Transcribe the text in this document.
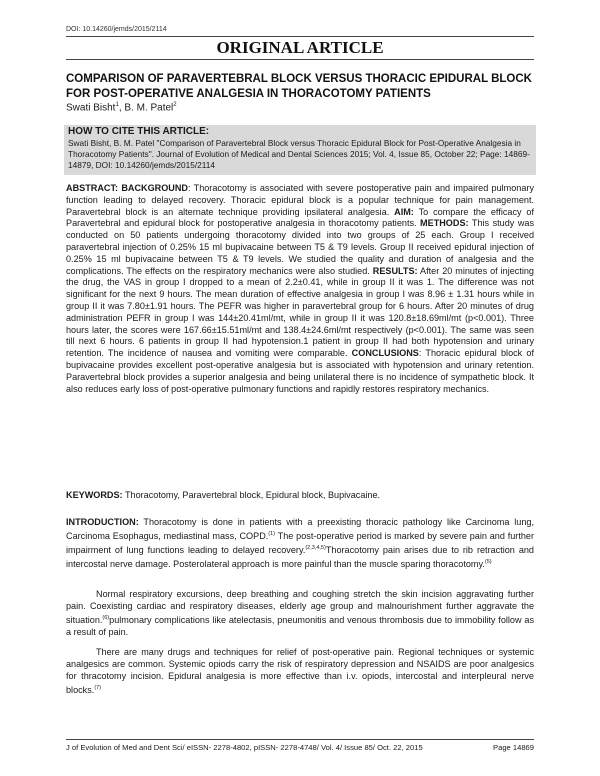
DOI: 10.14260/jemds/2015/2114
ORIGINAL ARTICLE
COMPARISON OF PARAVERTEBRAL BLOCK VERSUS THORACIC EPIDURAL BLOCK FOR POST-OPERATIVE ANALGESIA IN THORACOTOMY PATIENTS
Swati Bisht$^1$, B. M. Patel$^2$
HOW TO CITE THIS ARTICLE:
Swati Bisht, B. M. Patel "Comparison of Paravertebral Block versus Thoracic Epidural Block for Post-Operative Analgesia in Thoracotomy Patients". Journal of Evolution of Medical and Dental Sciences 2015; Vol. 4, Issue 85, October 22; Page: 14869-14879, DOI: 10.14260/jemds/2015/2114
ABSTRACT: BACKGROUND: Thoracotomy is associated with severe postoperative pain and impaired pulmonary function leading to delayed recovery. Thoracic epidural block is a popular technique for pain management. Paravertebral block is an alternate technique providing ipsilateral analgesia. AIM: To compare the efficacy of Paravertebral and epidural block for postoperative analgesia in thoracotomy patients. METHODS: This study was conducted on 50 patients undergoing thoracotomy divided into two groups of 25 each. Group I received paravertebral injection of 0.25% 15 ml bupivacaine between T5 & T9 levels. Group II received epidural injection of 0.25% 15 ml bupivacaine between T5 & T9 levels. We studied the quality and duration of analgesia and the complications. The effects on the respiratory mechanics were also studied. RESULTS: After 20 minutes of injecting the drug, the VAS in group I dropped to a mean of 2.2±0.41, while in group II it was 1. The difference was not significant for the next 9 hours. The mean duration of effective analgesia in group I was 8.96 ± 1.31 hours while in group II it was 7.80±1.91 hours. The PEFR was higher in paravertebral group for 6 hours. After 20 minutes of drug administration PEFR in group I was 144±20.41ml/mt, while in group II it was 120.8±18.69ml/mt (p<0.001). Three hours later, the scores were 167.66±15.51ml/mt and 138.4±24.6ml/mt respectively (p<0.001). The same was seen till next 6 hours. 6 patients in group II had hypotension.1 patient in group II had both hypotension and urinary retention. The incidence of nausea and vomiting were comparable. CONCLUSIONS: Thoracic epidural block of bupivacaine provides excellent post-operative analgesia but is associated with hypotension and urinary retention. Paravertebral block provides a superior analgesia and being unilateral there is no incidence of sympathetic block. It also reduces early loss of post-operative pulmonary functions and rapidly restores respiratory mechanics.
KEYWORDS: Thoracotomy, Paravertebral block, Epidural block, Bupivacaine.
INTRODUCTION: Thoracotomy is done in patients with a preexisting thoracic pathology like Carcinoma lung, Carcinoma Esophagus, mediastinal mass, COPD.$^{(1)}$ The post-operative period is marked by severe pain and further impairment of lung functions leading to delayed recovery.$^{(2,3,4,5)}$Thoracotomy pain arises due to rib retraction and intercostal nerve damage. Posterolateral approach is more painful than the muscle sparing thoracotomy.$^{(5)}$
Normal respiratory excursions, deep breathing and coughing stretch the skin incision aggravating further pain. Coexisting cardiac and respiratory diseases, elderly age group and malnourishment further aggravate the situation.$^{(6)}$pulmonary complications like atelectasis, pneumonitis and venous thrombosis due to immobility follow as a result of pain.
There are many drugs and techniques for relief of post-operative pain. Regional techniques or systemic analgesics are common. Systemic opiods carry the risk of respiratory depression and NSAIDS are poor analgesics for thracotomy incision. Epidural analgesia is more effective than i.v. opiods, intercostal and interpleural nerve blocks.$^{(7)}$
J of Evolution of Med and Dent Sci/ eISSN- 2278-4802, pISSN- 2278-4748/ Vol. 4/ Issue 85/ Oct. 22, 2015	Page 14869
